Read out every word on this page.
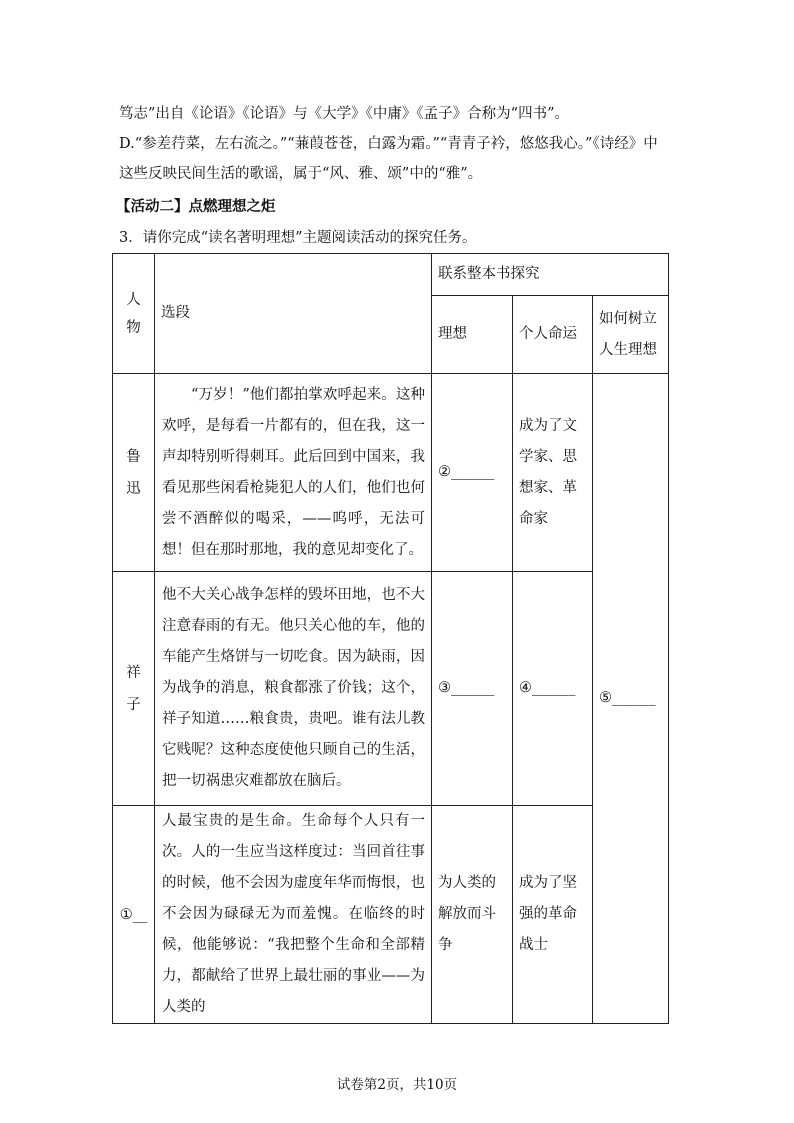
笃志”出自《论语》《论语》与《大学》《中庸》《孟子》合称为“四书”。
D.“参差荇菜，左右流之。”“蒹葭苍苍，白露为霜。”“青青子衿，悠悠我心。”《诗经》中
这些反映民间生活的歌谣，属于“风、雅、颂”中的“雅”。
【活动二】点燃理想之炬
3．请你完成“读名著明理想”主题阅读活动的探究任务。
人物	选段	联系整本书探究		
		理想	个人命运	如何树立人生理想

鲁迅	“万岁！”他们都拍掌欢呼起来。这种欢呼，是每看一片都有的，但在我，这一声却特别听得刺耳。此后回到中国来，我看见那些闲看枪毙犯人的人们，他们也何尝不酒醉似的喝采，——呜呼，无法可想！但在那时那地，我的意见却变化了。	②______	成为了文学家、思想家、革命家	⑤______

祥子	他不大关心战争怎样的毁坏田地，也不大注意春雨的有无。他只关心他的车，他的车能产生烙饼与一切吃食。因为缺雨，因为战争的消息，粮食都涨了价钱；这个，祥子知道……粮食贵，贵吧。谁有法儿教它贱呢？这种态度使他只顾自己的生活，把一切祸患灾难都放在脑后。	③______	④______	
①__	人最宝贵的是生命。生命每个人只有一次。人的一生应当这样度过：当回首往事的时候，他不会因为虚度年华而悔恨，也不会因为碌碌无为而羞愧。在临终的时候，他能够说：“我把整个生命和全部精力，都献给了世界上最壮丽的事业——为人类的	为人类的解放而斗争	成为了坚强的革命战士	
试卷第2页，共10页
